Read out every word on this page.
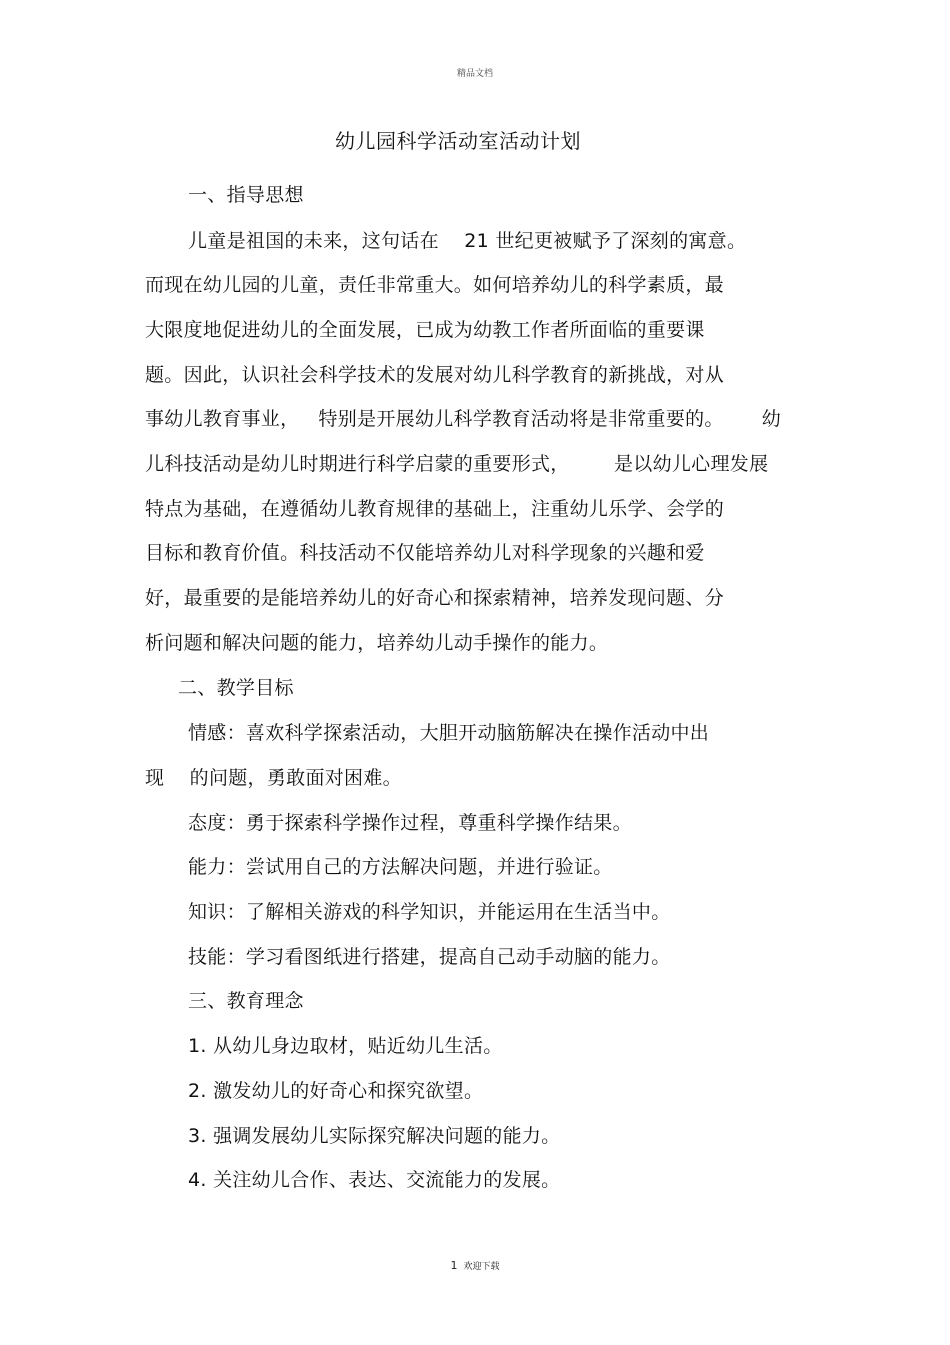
精品文档
幼儿园科学活动室活动计划
一、指导思想
儿童是祖国的未来，这句话在    21 世纪更被赋予了深刻的寓意。
而现在幼儿园的儿童，责任非常重大。如何培养幼儿的科学素质，最
大限度地促进幼儿的全面发展，已成为幼教工作者所面临的重要课
题。因此，认识社会科学技术的发展对幼儿科学教育的新挑战，对从
事幼儿教育事业，   特别是开展幼儿科学教育活动将是非常重要的。      幼
儿科技活动是幼儿时期进行科学启蒙的重要形式，       是以幼儿心理发展
特点为基础，在遵循幼儿教育规律的基础上，注重幼儿乐学、会学的
目标和教育价值。科技活动不仅能培养幼儿对科学现象的兴趣和爱
好，最重要的是能培养幼儿的好奇心和探索精神，培养发现问题、分
析问题和解决问题的能力，培养幼儿动手操作的能力。
二、教学目标
情感：喜欢科学探索活动，大胆开动脑筋解决在操作活动中出
现    的问题，勇敢面对困难。
态度：勇于探索科学操作过程，尊重科学操作结果。
能力：尝试用自己的方法解决问题，并进行验证。
知识：了解相关游戏的科学知识，并能运用在生活当中。
技能：学习看图纸进行搭建，提高自己动手动脑的能力。
三、教育理念
1. 从幼儿身边取材，贴近幼儿生活。
2. 激发幼儿的好奇心和探究欲望。
3. 强调发展幼儿实际探究解决问题的能力。
4. 关注幼儿合作、表达、交流能力的发展。
1 欢迎下载
